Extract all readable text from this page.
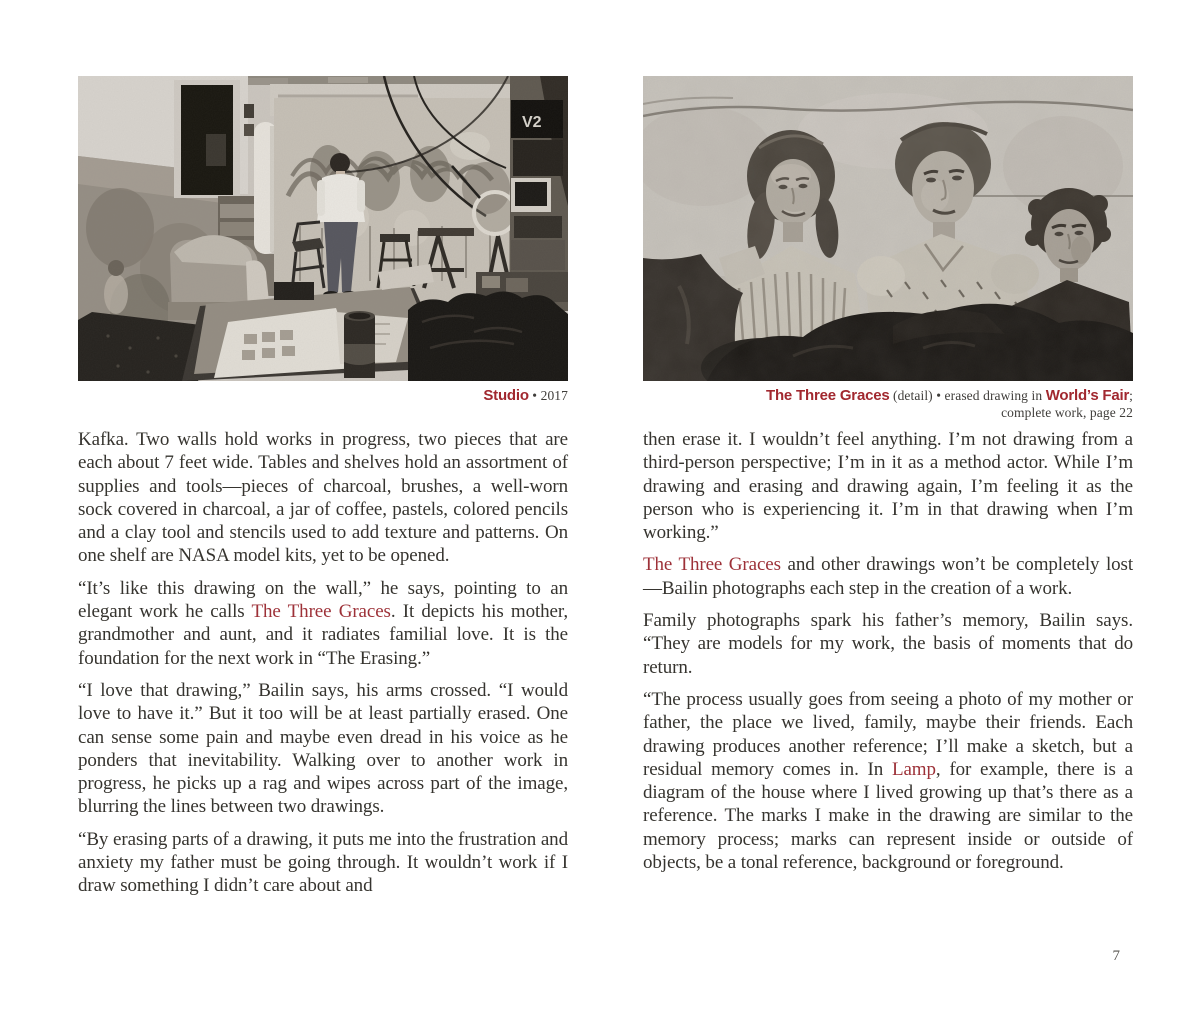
V2
Studio • 2017

Kafka. Two walls hold works in progress, two pieces that are each about 7 feet wide. Tables and shelves hold an assortment of supplies and tools—pieces of charcoal, brushes, a well-worn sock covered in charcoal, a jar of coffee, pastels, colored pencils and a clay tool and stencils used to add texture and patterns. On one shelf are NASA model kits, yet to be opened.

“It’s like this drawing on the wall,” he says, pointing to an elegant work he calls The Three Graces. It depicts his mother, grandmother and aunt, and it radiates familial love. It is the foundation for the next work in “The Erasing.”

“I love that drawing,” Bailin says, his arms crossed. “I would love to have it.” But it too will be at least partially erased. One can sense some pain and maybe even dread in his voice as he ponders that inevitability. Walking over to another work in progress, he picks up a rag and wipes across part of the image, blurring the lines between two drawings.

“By erasing parts of a drawing, it puts me into the frustration and anxiety my father must be going through. It wouldn’t work if I draw something I didn’t care about and

The Three Graces (detail) • erased drawing in World’s Fair;
complete work, page 22

then erase it. I wouldn’t feel anything. I’m not drawing from a third-person perspective; I’m in it as a method actor. While I’m drawing and erasing and drawing again, I’m feeling it as the person who is experiencing it. I’m in that drawing when I’m working.”

The Three Graces and other drawings won’t be completely lost—Bailin photographs each step in the creation of a work.

Family photographs spark his father’s memory, Bailin says. “They are models for my work, the basis of moments that do return.

“The process usually goes from seeing a photo of my mother or father, the place we lived, family, maybe their friends. Each drawing produces another reference; I’ll make a sketch, but a residual memory comes in. In Lamp, for example, there is a diagram of the house where I lived growing up that’s there as a reference. The marks I make in the drawing are similar to the memory process; marks can represent inside or outside of objects, be a tonal reference, background or foreground.

7
